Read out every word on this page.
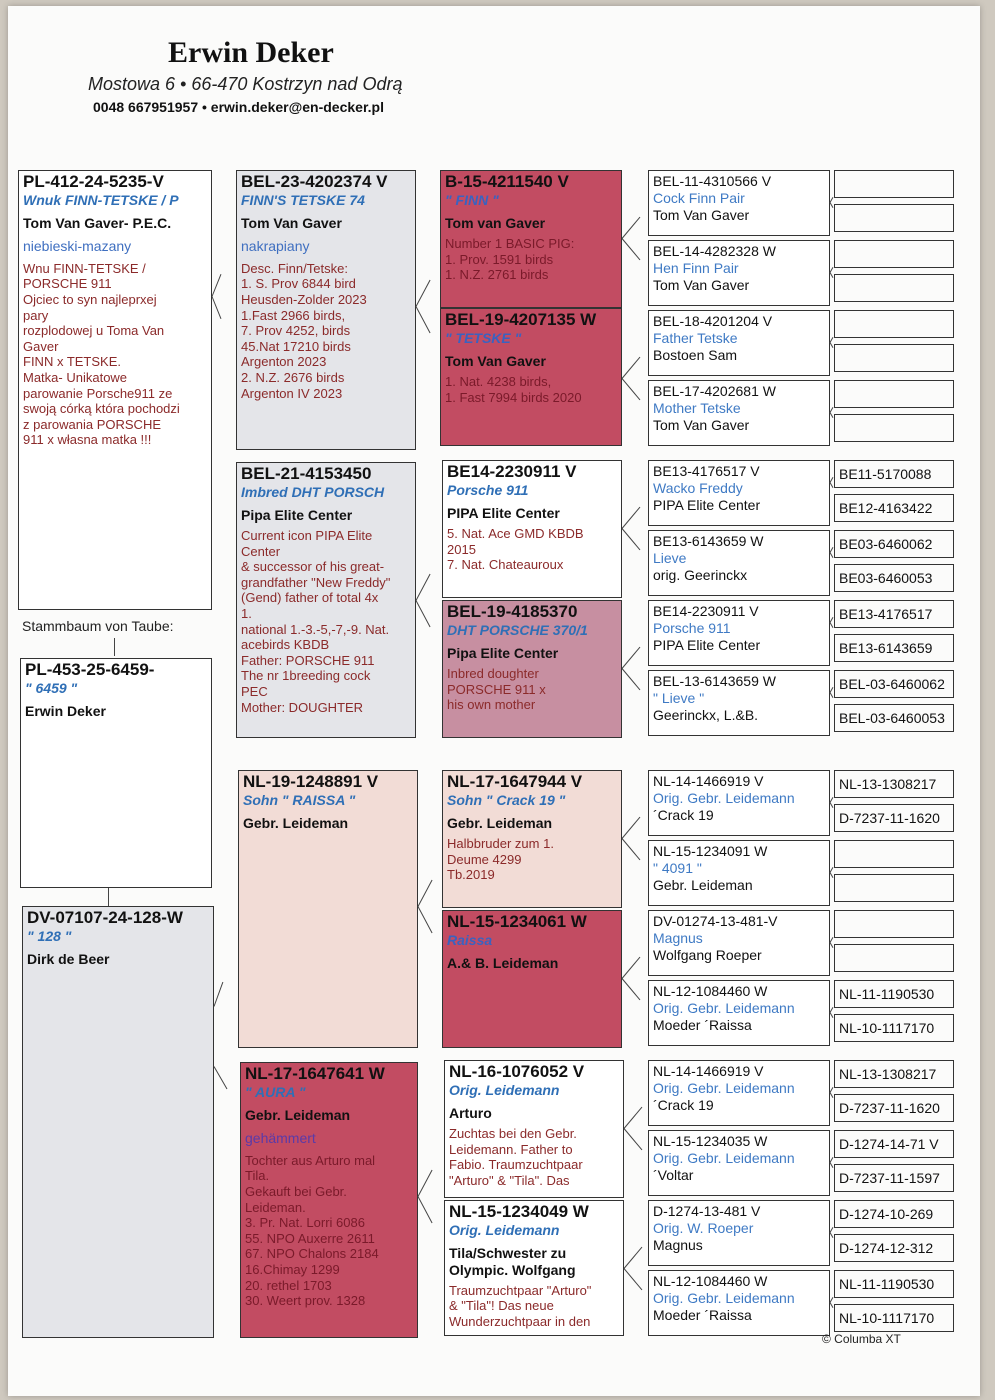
Erwin Deker
Mostowa 6 • 66-470 Kostrzyn nad Odrą
0048 667951957 • erwin.deker@en-decker.pl
PL-412-24-5235-V
Wnuk FINN-TETSKE / P
Tom Van Gaver- P.E.C.
niebieski-mazany
Wnu FINN-TETSKE /
PORSCHE 911
Ojciec to syn najleprxej
pary
rozplodowej u Toma Van
Gaver
FINN x TETSKE.
Matka- Unikatowe
parowanie Porsche911 ze
swoją córką która pochodzi
z parowania PORSCHE
911 x własna matka !!!
Stammbaum von Taube:
PL-453-25-6459-
" 6459 "
Erwin Deker
DV-07107-24-128-W
" 128 "
Dirk de Beer
BEL-23-4202374 V
FINN'S TETSKE 74
Tom Van Gaver
nakrapiany
Desc. Finn/Tetske:
1. S. Prov 6844 bird
Heusden-Zolder 2023
1.Fast 2966 birds,
7. Prov 4252, birds
45.Nat 17210 birds
Argenton 2023
2. N.Z. 2676 birds
Argenton IV 2023
BEL-21-4153450
Imbred DHT PORSCH
Pipa Elite Center
Current icon PIPA Elite
Center
& successor of his great-
grandfather "New Freddy"
(Gend) father of total 4x
1.
national 1.-3.-5,-7,-9. Nat.
acebirds KBDB
Father: PORSCHE 911
The nr 1breeding cock
PEC
Mother: DOUGHTER
NL-19-1248891 V
Sohn " RAISSA "
Gebr. Leideman
NL-17-1647641 W
" AURA "
Gebr. Leideman
gehämmert
Tochter aus Arturo mal
Tila.
Gekauft bei Gebr.
Leideman.
3. Pr. Nat. Lorri 6086
55. NPO Auxerre 2611
67. NPO Chalons 2184
16.Chimay 1299
20. rethel 1703
30. Weert prov. 1328
B-15-4211540 V
" FINN "
Tom van Gaver
Number 1 BASIC PIG:
1. Prov. 1591 birds
1. N.Z. 2761 birds
BEL-19-4207135 W
" TETSKE "
Tom Van Gaver
1. Nat. 4238 birds,
1. Fast 7994 birds 2020
BE14-2230911 V
Porsche 911
PIPA Elite Center
5. Nat. Ace GMD KBDB
2015
7. Nat. Chateauroux
BEL-19-4185370
DHT PORSCHE 370/1
Pipa Elite Center
Inbred doughter
PORSCHE 911 x
his own mother
NL-17-1647944 V
Sohn " Crack 19 "
Gebr. Leideman
Halbbruder zum 1.
Deume 4299
Tb.2019
NL-15-1234061 W
Raissa
A.& B. Leideman
NL-16-1076052 V
Orig. Leidemann
Arturo
Zuchtas bei den Gebr.
Leidemann. Father to
Fabio. Traumzuchtpaar
"Arturo" & "Tila". Das
NL-15-1234049 W
Orig. Leidemann
Tila/Schwester zu Olympic. Wolfgang
Traumzuchtpaar "Arturo"
& "Tila"! Das neue
Wunderzuchtpaar in den
BEL-11-4310566 V
Cock Finn Pair
Tom Van Gaver
BEL-14-4282328 W
Hen Finn Pair
Tom Van Gaver
BEL-18-4201204 V
Father Tetske
Bostoen Sam
BEL-17-4202681 W
Mother Tetske
Tom Van Gaver
BE13-4176517 V
Wacko Freddy
PIPA Elite Center
BE13-6143659 W
Lieve
orig. Geerinckx
BE14-2230911 V
Porsche 911
PIPA Elite Center
BEL-13-6143659 W
" Lieve "
Geerinckx, L.&B.
NL-14-1466919 V
Orig. Gebr. Leidemann
´Crack 19
NL-15-1234091 W
" 4091 "
Gebr. Leideman
DV-01274-13-481-V
Magnus
Wolfgang Roeper
NL-12-1084460 W
Orig. Gebr. Leidemann
Moeder ´Raissa
NL-14-1466919 V
Orig. Gebr. Leidemann
´Crack 19
NL-15-1234035 W
Orig. Gebr. Leidemann
´Voltar
D-1274-13-481 V
Orig. W. Roeper
Magnus
NL-12-1084460 W
Orig. Gebr. Leidemann
Moeder ´Raissa
BE11-5170088
BE12-4163422
BE03-6460062
BE03-6460053
BE13-4176517
BE13-6143659
BEL-03-6460062
BEL-03-6460053
NL-13-1308217
D-7237-11-1620
NL-11-1190530
NL-10-1117170
NL-13-1308217
D-7237-11-1620
D-1274-14-71 V
D-7237-11-1597
D-1274-10-269
D-1274-12-312
NL-11-1190530
NL-10-1117170
© Columba XT
